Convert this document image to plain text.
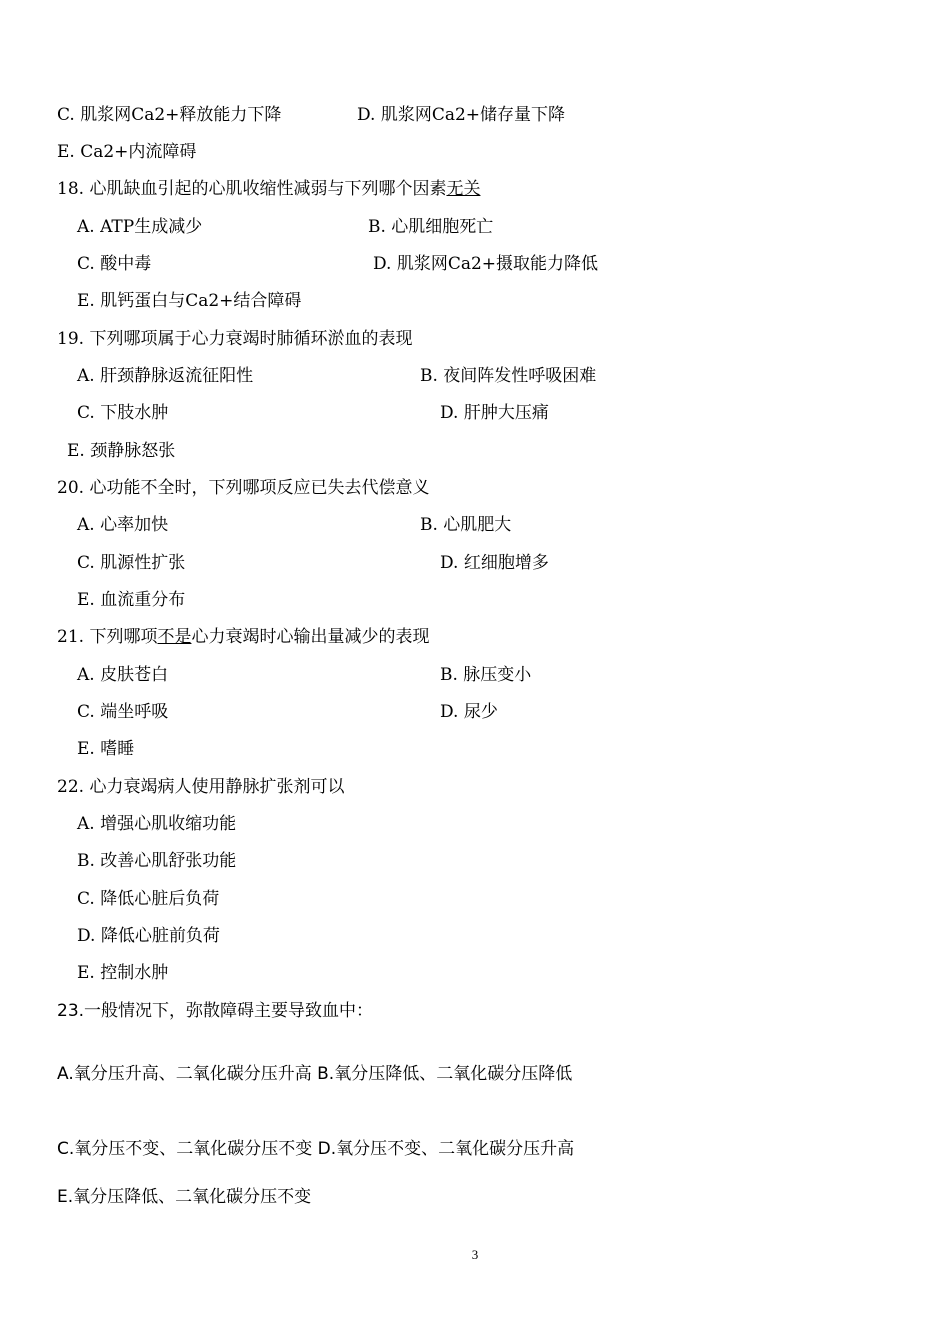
C. 肌浆网Ca2+释放能力下降	D. 肌浆网Ca2+储存量下降
E. Ca2+内流障碍
18. 心肌缺血引起的心肌收缩性减弱与下列哪个因素无关
A. ATP生成减少	B. 心肌细胞死亡
C. 酸中毒	D. 肌浆网Ca2+摄取能力降低
E. 肌钙蛋白与Ca2+结合障碍
19. 下列哪项属于心力衰竭时肺循环淤血的表现
A. 肝颈静脉返流征阳性	B. 夜间阵发性呼吸困难
C. 下肢水肿	D. 肝肿大压痛
E. 颈静脉怒张
20. 心功能不全时，下列哪项反应已失去代偿意义
A. 心率加快	B. 心肌肥大
C. 肌源性扩张	D. 红细胞增多
E. 血流重分布
21. 下列哪项不是心力衰竭时心输出量减少的表现
A. 皮肤苍白	B. 脉压变小
C. 端坐呼吸	D. 尿少
E. 嗜睡
22. 心力衰竭病人使用静脉扩张剂可以
A. 增强心肌收缩功能
B. 改善心肌舒张功能
C. 降低心脏后负荷
D. 降低心脏前负荷
E. 控制水肿
23.一般情况下，弥散障碍主要导致血中：
A.氧分压升高、二氧化碳分压升高 B.氧分压降低、二氧化碳分压降低
C.氧分压不变、二氧化碳分压不变 D.氧分压不变、二氧化碳分压升高
E.氧分压降低、二氧化碳分压不变
3
